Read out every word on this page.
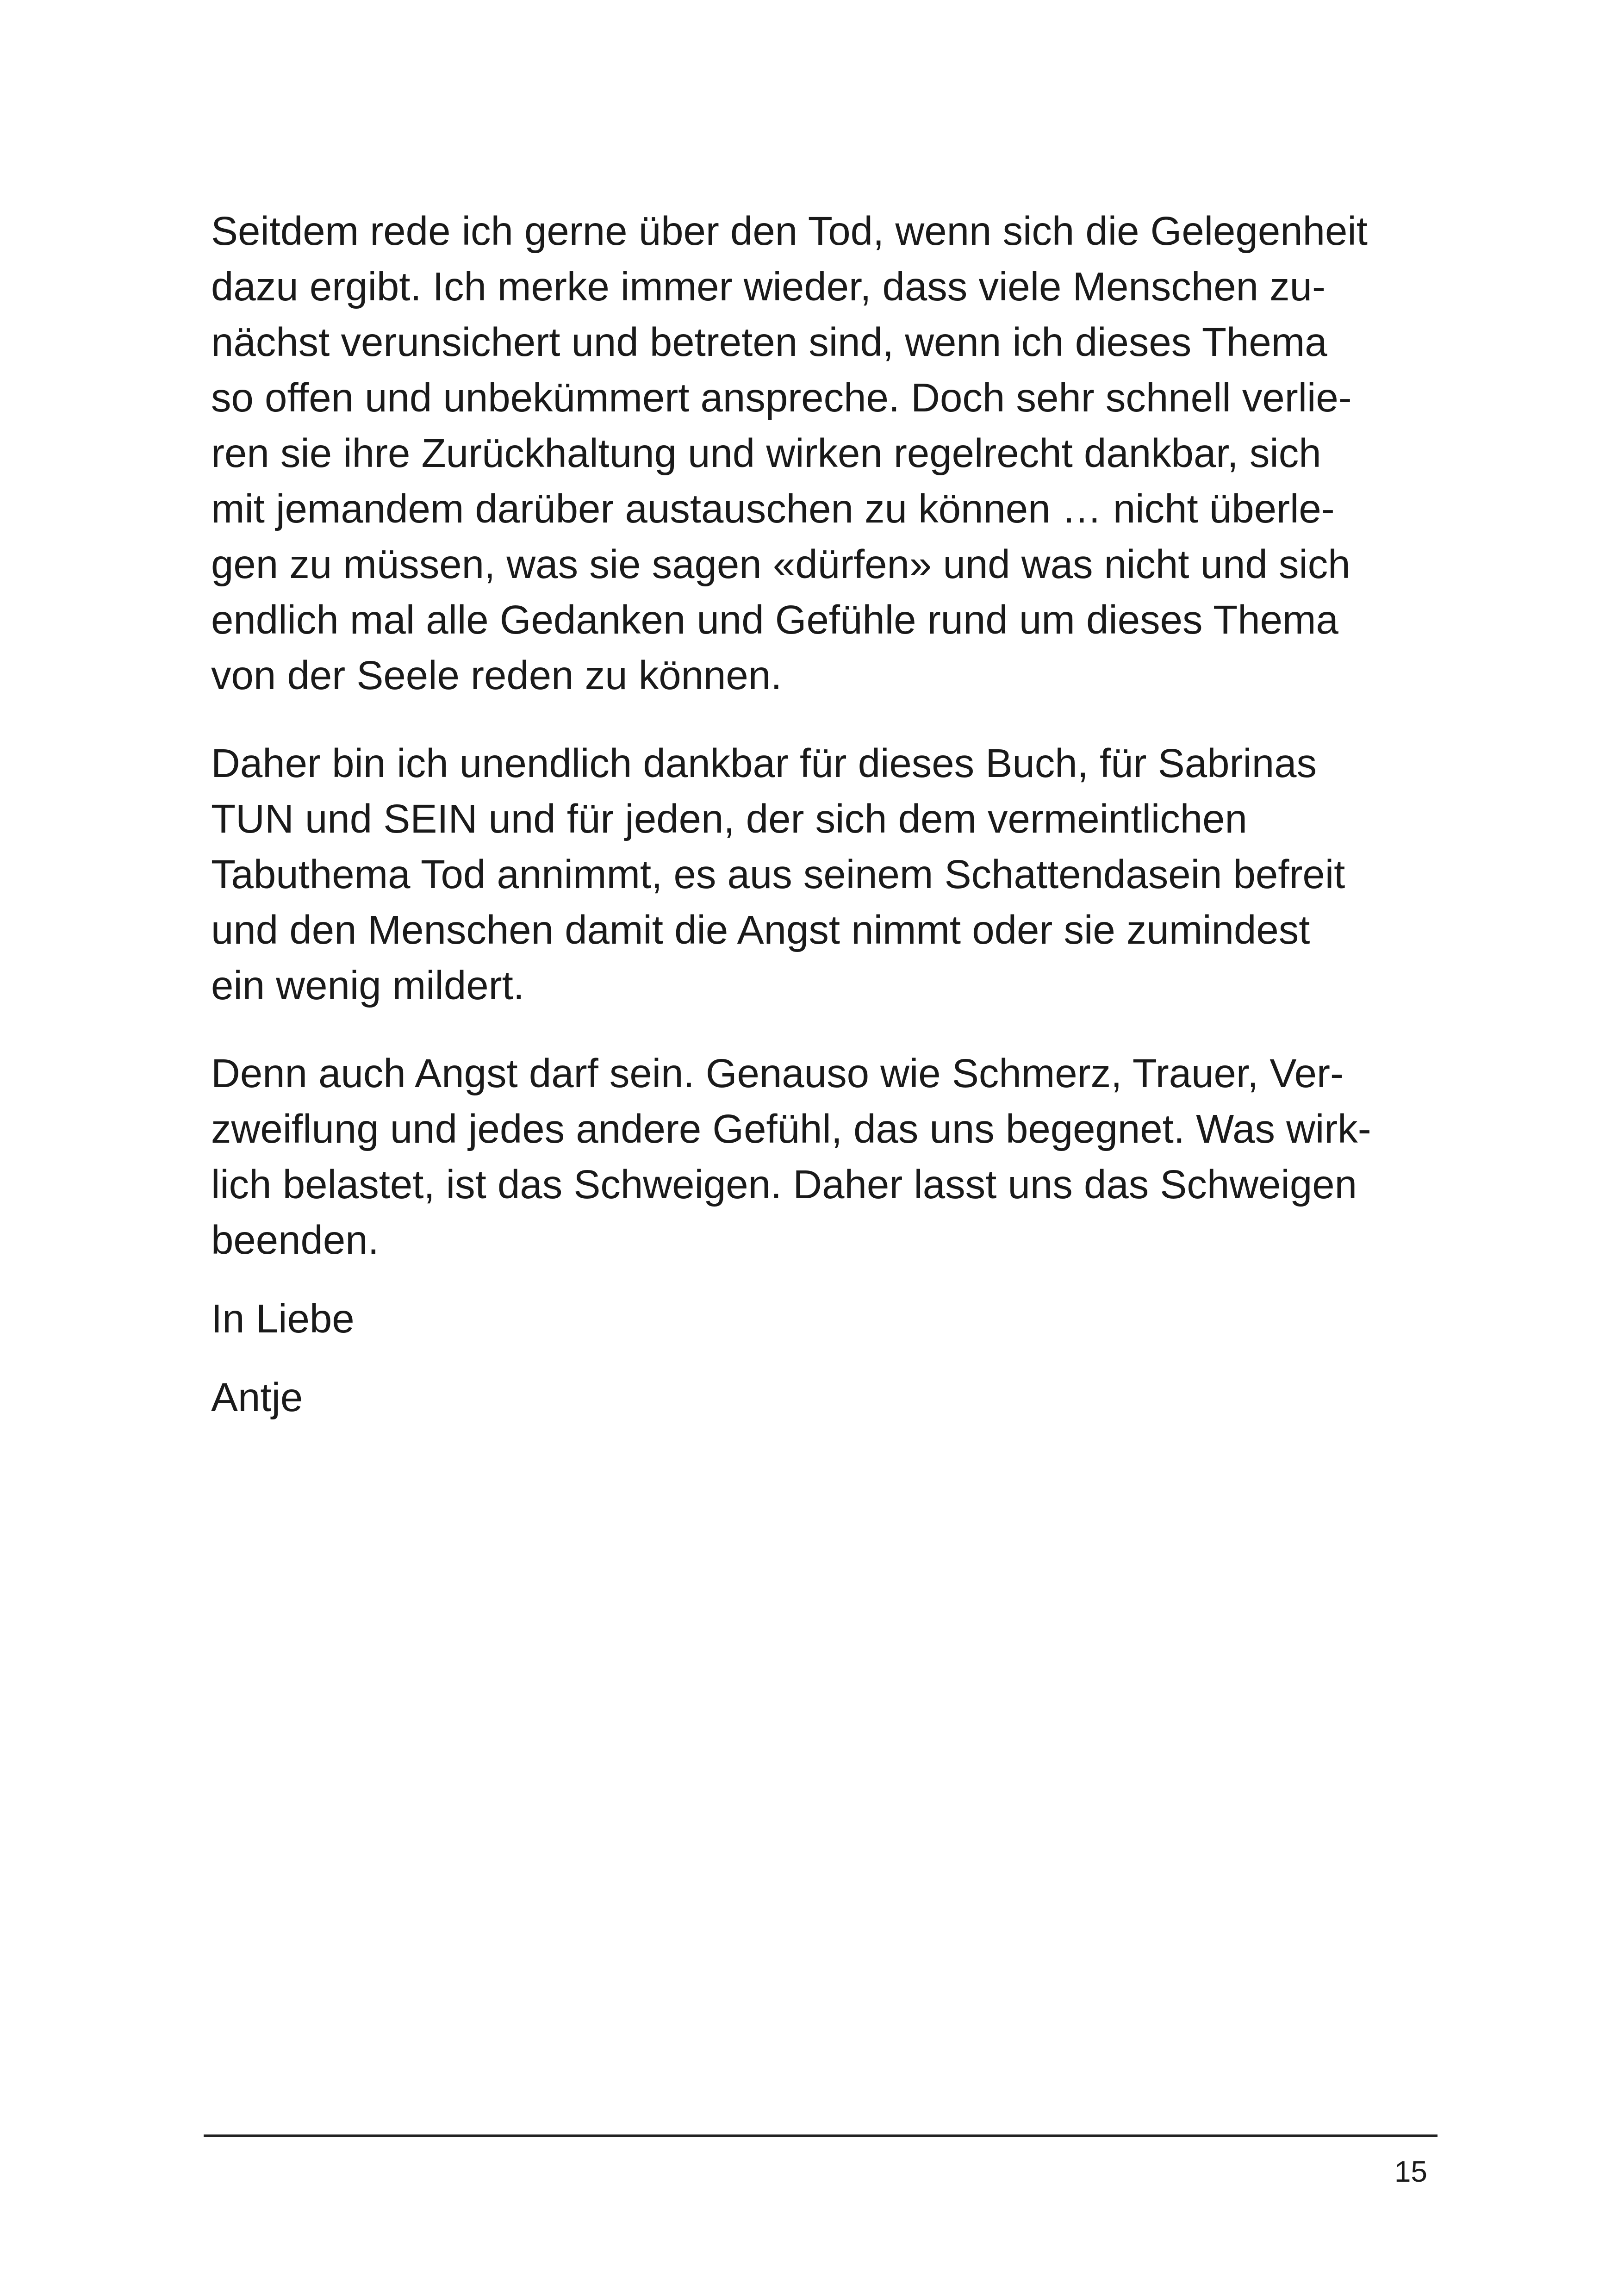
Seitdem rede ich gerne über den Tod, wenn sich die Gelegenheit
dazu ergibt. Ich merke immer wieder, dass viele Menschen zu-
nächst verunsichert und betreten sind, wenn ich dieses Thema
so offen und unbekümmert anspreche. Doch sehr schnell verlie-
ren sie ihre Zurückhaltung und wirken regelrecht dankbar, sich
mit jemandem darüber austauschen zu können … nicht überle-
gen zu müssen, was sie sagen «dürfen» und was nicht und sich
endlich mal alle Gedanken und Gefühle rund um dieses Thema
von der Seele reden zu können.
Daher bin ich unendlich dankbar für dieses Buch, für Sabrinas
TUN und SEIN und für jeden, der sich dem vermeintlichen
Tabuthema Tod annimmt, es aus seinem Schattendasein befreit
und den Menschen damit die Angst nimmt oder sie zumindest
ein wenig mildert.
Denn auch Angst darf sein. Genauso wie Schmerz, Trauer, Ver-
zweiflung und jedes andere Gefühl, das uns begegnet. Was wirk-
lich belastet, ist das Schweigen. Daher lasst uns das Schweigen
beenden.
In Liebe
Antje
15
